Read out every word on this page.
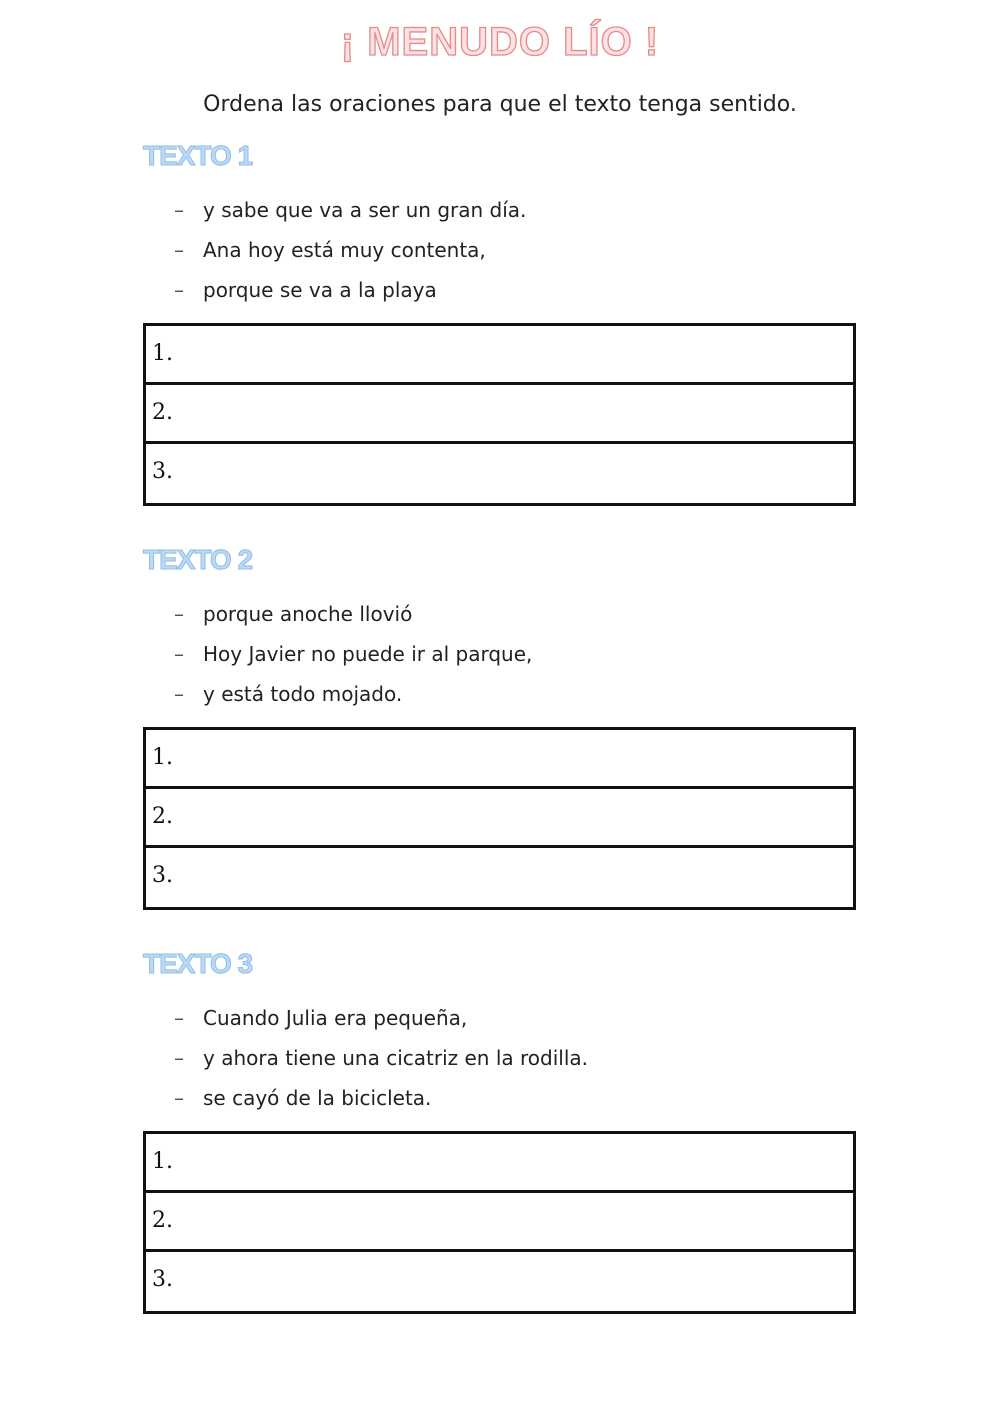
¡ MENUDO LÍO !
Ordena las oraciones para que el texto tenga sentido.
TEXTO 1
– y sabe que va a ser un gran día.
– Ana hoy está muy contenta,
– porque se va a la playa
1.
2.
3.
TEXTO 2
– porque anoche llovió
– Hoy Javier no puede ir al parque,
– y está todo mojado.
1.
2.
3.
TEXTO 3
– Cuando Julia era pequeña,
– y ahora tiene una cicatriz en la rodilla.
– se cayó de la bicicleta.
1.
2.
3.
